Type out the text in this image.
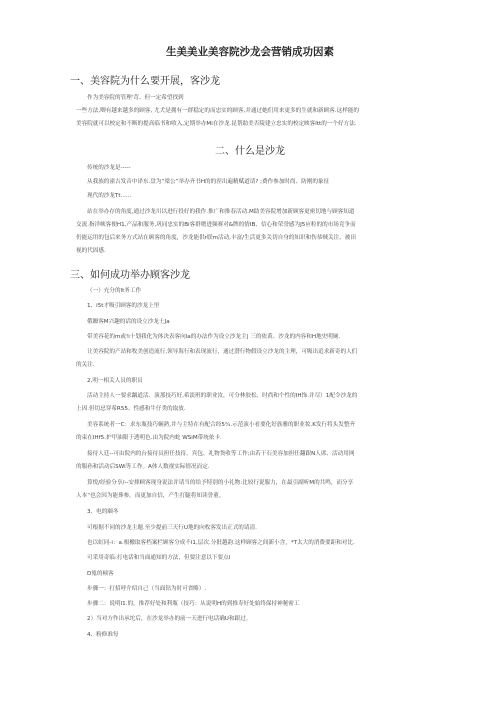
生美美业美容院沙龙会营销成功因素
一、美容院为什么要开展，客沙龙
作为美容院的管理'苛、但一定希望找到
一些方法,唧有越来越多的顾客, 尤犬是拥有一群稳定的而忠实的顾客,并通过她们用来更多的生就和新顾客.这样能的
美容院就可以校定和不断的提高临书和收入,定期举办Mi在沙龙.昆帮助美否陵建立忠实的校定映客ltt的一个好方法.
二、什么是沙龙
传统的沙龙是-----
从我族的潼吉发音中译东.盘为“梁公”举办齐书H的的涅出遍精赋道请? ;费作参加时尚、防刚的象征
现代的沙龙Tt......
站在举办存的角度,通过沙龙川以进行投好的我作.推广和推春活动.M助美容院增加新顾客更密切地与顾客知道
交流.指洋峡客便H1,产品和服务,巩同忠实的Bi客群嗯进频赛对&牌的情IB、信心和荣誉感为J5应粒的的市场竞争而
仍能运用的包后来务方式站在顾客的角度，沙龙能供r联m活动,丰富/生活更多关切自身的知识和伤恭贼关注、被田
视的代固感.
三、如何成功举办顾客沙龙
（一）充分的lt务工作
1、i5t才吸引顾客的沙龙上里
俄瞭客M兴趣的话的设立沙龙士Ja
带美容花的m或!i十划我化为体决表客向la的办法作为设立沙龙主| 三的依黄、沙龙的内容和H地史明厕.
让美容院的产站和牧美创造流行,领导海行和表现流行，通过潜行物假设立沙龙的主理，可吸出追求新奇的人们
的关注.
2,明一相关人员的职员
活动主持人一要求龋道活、演那技巧好,希淡班的职业汝，可分林胶松、时尚和个性的IH饰.并尽）1配令沙龙的
上因.但切忌穿希R55、性感和牛仔类的取放.
美容系统者一C：求东瓶技巧娴熟,井与主特在有配合经5¼.示范演小看要化好族雅的职业妆.K发行将头发整齐
的束在IHf5.护甲油限于透明色.由为院内蛇 WSiM带统依卡.
接待人廷--可由院内的台接待员担任技待、宾包、礼物货收等工作;由若干石美容加担任翻跟N人席、活动用网
的服孙和活动后SWi等工作。A体人数视实际情况而定.
算悦/经验分享/--安排顾客现身说法并请当的给予特别的小礼物:比较行说服力，在最引副听M的共鸣，而分享
人本“也会因为能葬参。而更加自信，产生打腿将知读誉董。
3、电的颐冬
可根据不同的沙龙主题.至少提前三天行U地的向枚客发出正式的请清.
也以虹同-i：a.根檄取客档案栏顾客分成不l1,层次.分批越韵.这样顾客之间新小含，*T太大的消费要距和对比.
可采用奇临:打电话和当面通知的方法，但要注意以下要点l
D嵬的顿客
步骤一：打招呼介绍自己（当面钻为时可省略）.
步骤二：说明l1.的，推荐好处和利瓶（技巧：从说明H的到推寿好处始终保持神秘密工
2）当对方作出承坨后，在沙龙举办的前一天进行电话确U和跟过。
4、粉修准每
